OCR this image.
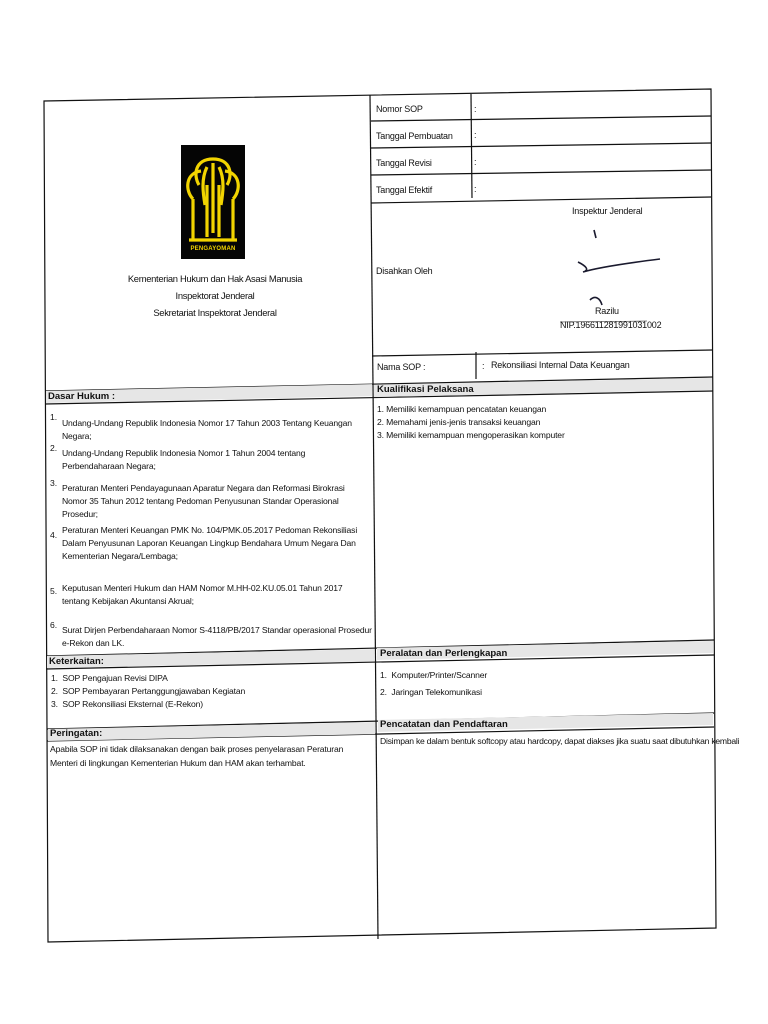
PENGAYOMAN
Kementerian Hukum dan Hak Asasi Manusia
Inspektorat Jenderal
Sekretariat Inspektorat Jenderal
Nomor SOP	:
Tanggal Pembuatan :
Tanggal Revisi	:
Tanggal Efektif	:
Disahkan Oleh
Inspektur Jenderal
Razilu
NIP.196611281991031002
Nama SOP :	: Rekonsiliasi Internal Data Keuangan
Dasar Hukum :
1.
Undang-Undang Republik Indonesia Nomor 17 Tahun 2003 Tentang Keuangan Negara;
2. Undang-Undang Republik Indonesia Nomor 1 Tahun 2004 tentang Perbendaharaan Negara;
3. Peraturan Menteri Pendayagunaan Aparatur Negara dan Reformasi Birokrasi Nomor 35 Tahun 2012 tentang Pedoman Penyusunan Standar Operasional Prosedur;
4. Peraturan Menteri Keuangan PMK No. 104/PMK.05.2017 Pedoman Rekonsiliasi Dalam Penyusunan Laporan Keuangan Lingkup Bendahara Umum Negara Dan Kementerian Negara/Lembaga;
5. Keputusan Menteri Hukum dan HAM Nomor M.HH-02.KU.05.01 Tahun 2017 tentang Kebijakan Akuntansi Akrual;
6. Surat Dirjen Perbendaharaan Nomor S-4118/PB/2017 Standar operasional Prosedur e-Rekon dan LK.
Kualifikasi Pelaksana
1. Memiliki kemampuan pencatatan keuangan
2. Memahami jenis-jenis transaksi keuangan
3. Memiliki kemampuan mengoperasikan komputer
Keterkaitan:
1. SOP Pengajuan Revisi DIPA
2. SOP Pembayaran Pertanggungjawaban Kegiatan
3. SOP Rekonsiliasi Eksternal (E-Rekon)
Peralatan dan Perlengkapan
1. Komputer/Printer/Scanner
2. Jaringan Telekomunikasi
Peringatan:
Apabila SOP ini tidak dilaksanakan dengan baik proses penyelarasan Peraturan Menteri di lingkungan Kementerian Hukum dan HAM akan terhambat.
Pencatatan dan Pendaftaran
Disimpan ke dalam bentuk softcopy atau hardcopy, dapat diakses jika suatu saat dibutuhkan kembali
